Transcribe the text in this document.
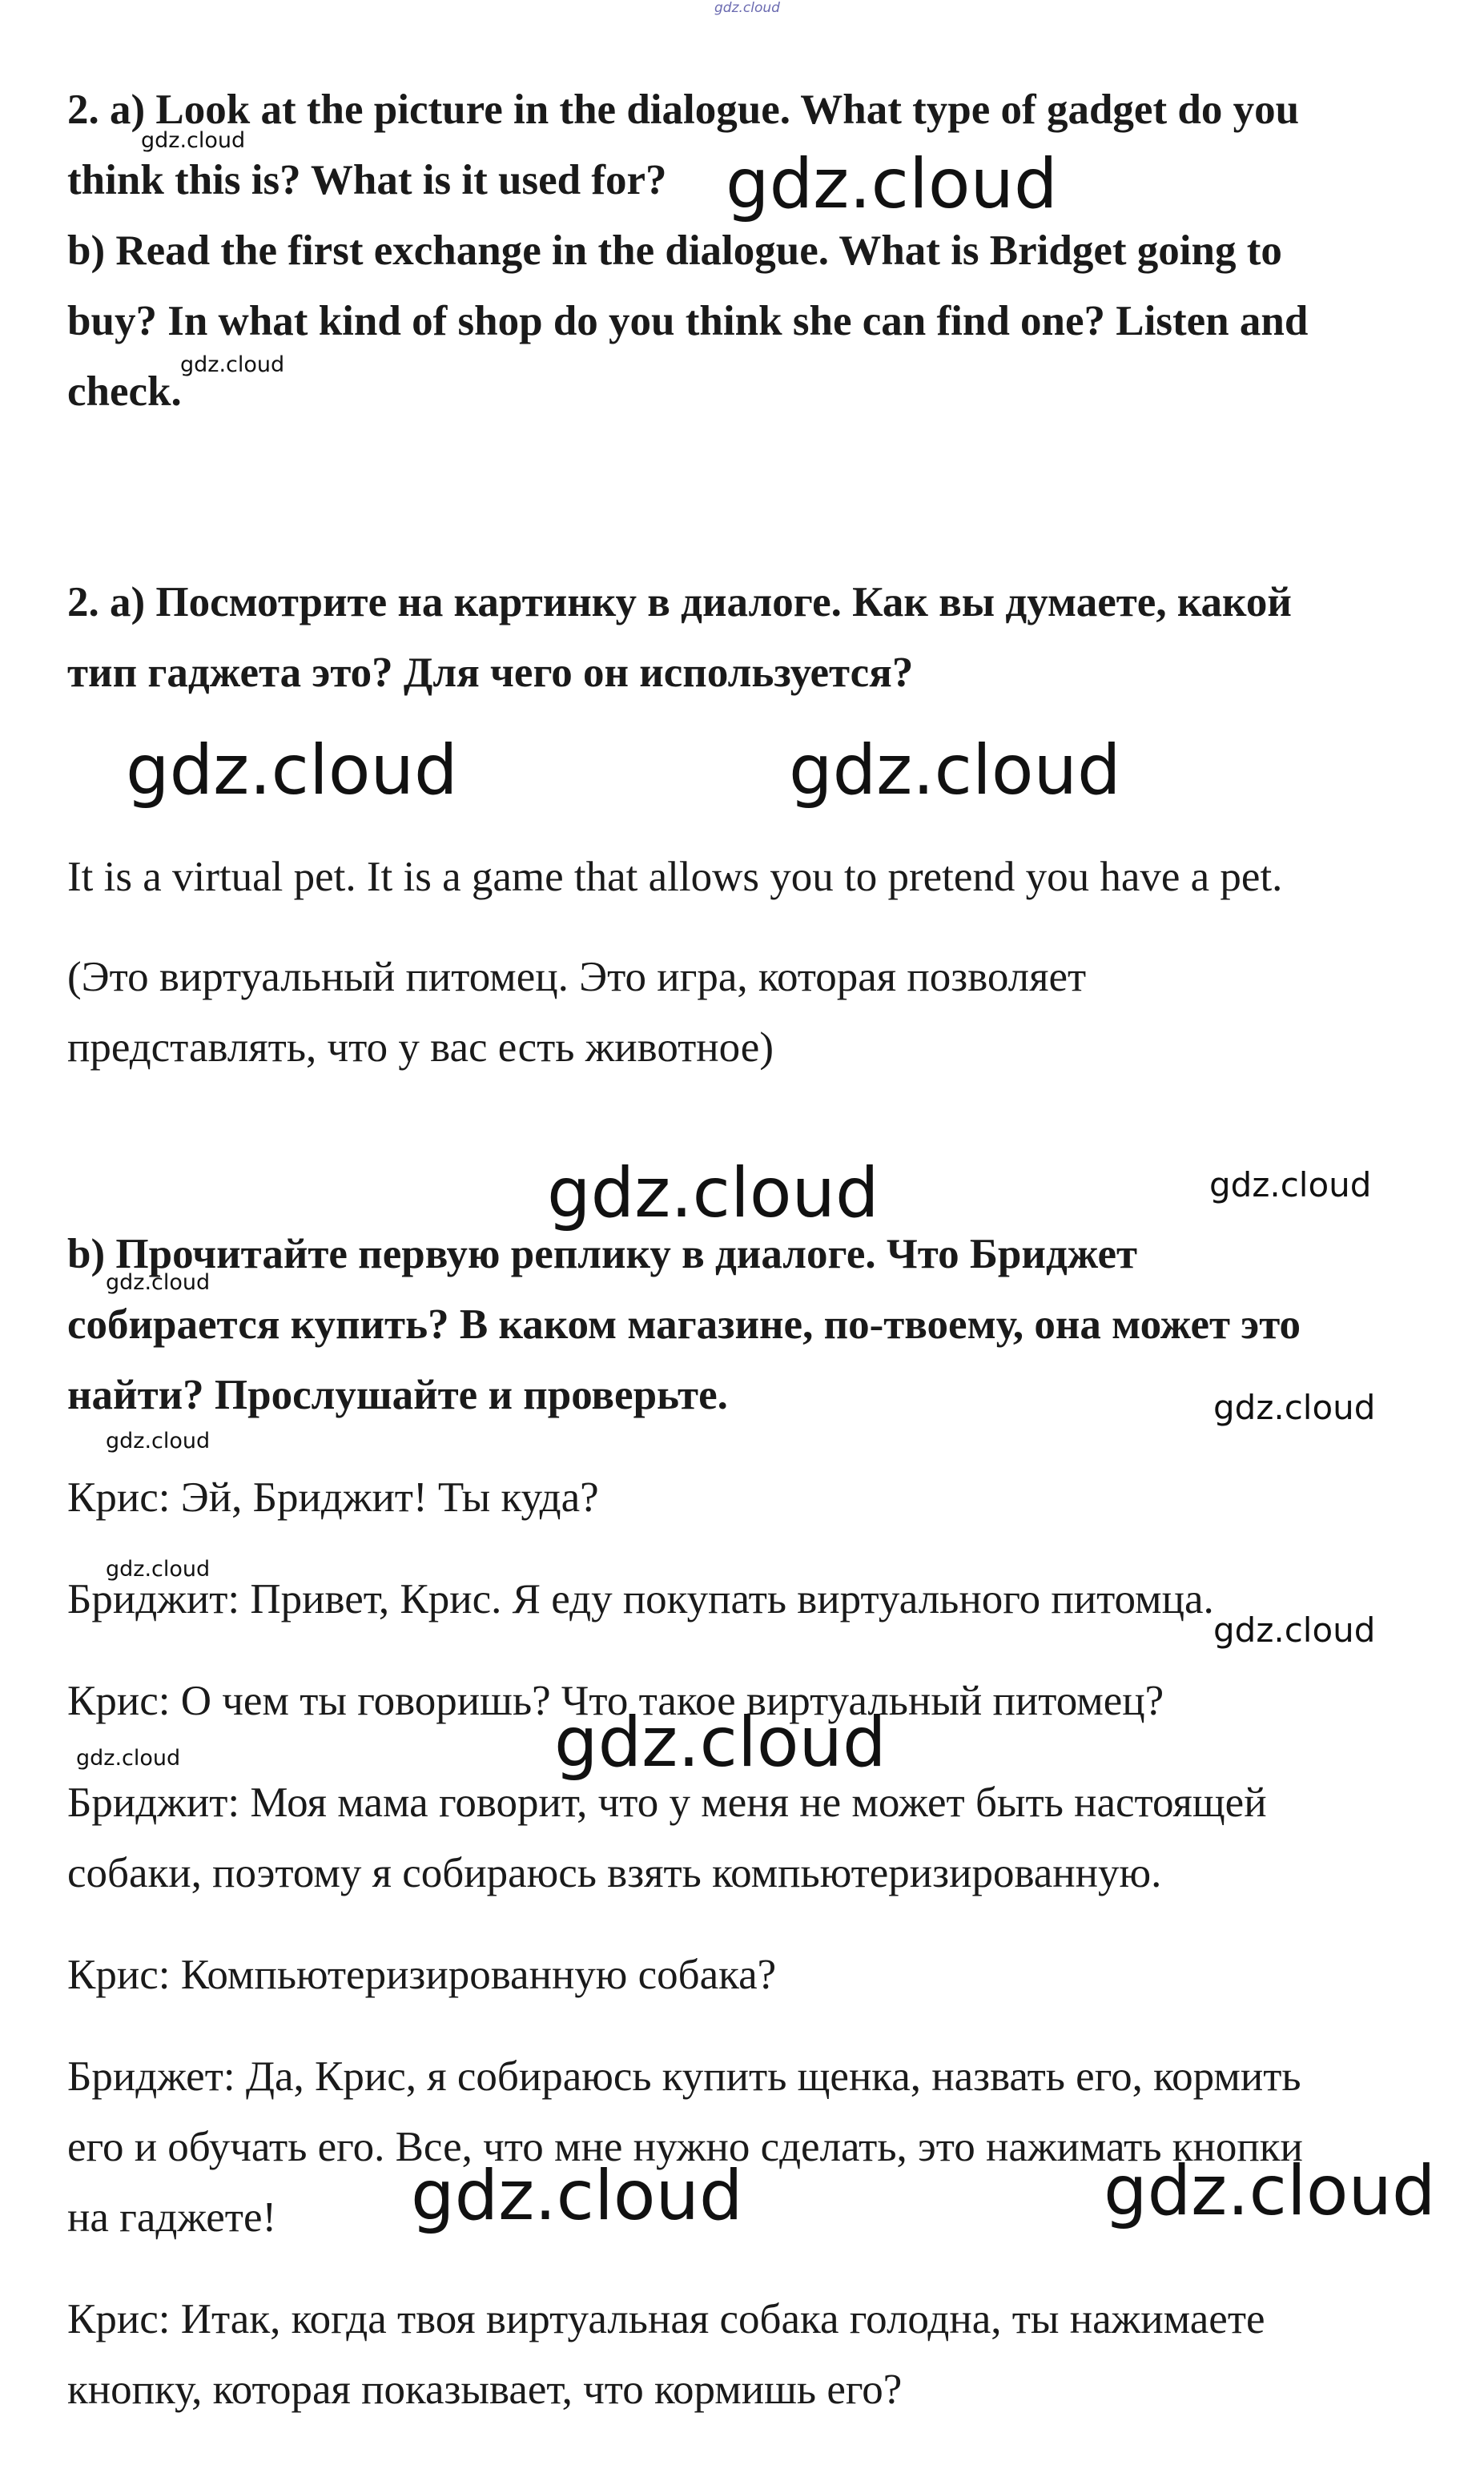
2. a) Look at the picture in the dialogue. What type of gadget do you
think this is? What is it used for?
b) Read the first exchange in the dialogue. What is Bridget going to
buy? In what kind of shop do you think she can find one? Listen and
check.
2. а) Посмотрите на картинку в диалоге. Как вы думаете, какой
тип гаджета это? Для чего он используется?
It is a virtual pet. It is a game that allows you to pretend you have a pet.
(Это виртуальный питомец. Это игра, которая позволяет
представлять, что у вас есть животное)
b) Прочитайте первую реплику в диалоге. Что Бриджет
собирается купить? В каком магазине, по-твоему, она может это
найти? Прослушайте и проверьте.
Крис: Эй, Бриджит! Ты куда?
Бриджит: Привет, Крис. Я еду покупать виртуального питомца.
Крис: О чем ты говоришь? Что такое виртуальный питомец?
Бриджит: Моя мама говорит, что у меня не может быть настоящей
собаки, поэтому я собираюсь взять компьютеризированную.
Крис: Компьютеризированную собака?
Бриджет: Да, Крис, я собираюсь купить щенка, назвать его, кормить
его и обучать его. Все, что мне нужно сделать, это нажимать кнопки
на гаджете!
Крис: Итак, когда твоя виртуальная собака голодна, ты нажимаете
кнопку, которая показывает, что кормишь его?
gdz.cloud
gdz.cloud
gdz.cloud
gdz.cloud
gdz.cloud	gdz.cloud
gdz.cloud	gdz.cloud
gdz.cloud
gdz.cloud
gdz.cloud
gdz.cloud
gdz.cloud
gdz.cloud
gdz.cloud
gdz.cloud	gdz.cloud
